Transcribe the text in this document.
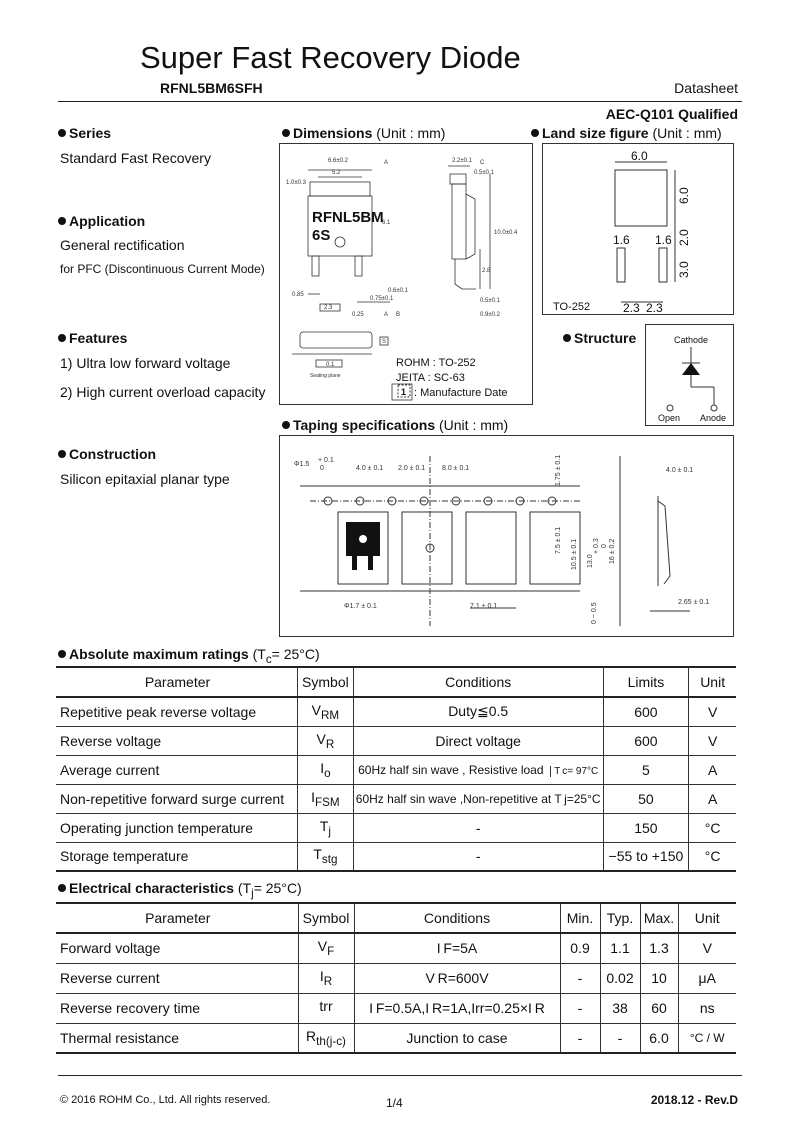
Super Fast Recovery Diode
RFNL5BM6SFH	Datasheet
AEC-Q101 Qualified
Series
Standard Fast Recovery
Application
General rectification
for PFC (Discontinuous Current Mode)
Features
1) Ultra low forward voltage
2) High current overload capacity
Construction
Silicon epitaxial planar type
Dimensions (Unit : mm)
6.6±0.2
5.2
A	2.2±0.1 C
0.5±0.1
0.85
2.3
0.75±0.1
0.6±0.1
0.5±0.1
0.9±0.2
10.0±0.4
2.8
1.0±0.3
6.1
0.25	A B
S
0.1
Seating plane
RFNL5BM
6S
1
ROHM : TO-252
JEITA : SC-63
: Manufacture Date
Land size figure (Unit : mm)
6.0
6.0
1.6 1.6 2.0
3.0
2.3 2.3
TO-252
Structure	Cathode
Open Anode
Taping specifications (Unit : mm)
Φ1.5
+ 0.1
0	4.0 ± 0.1 2.0 ± 0.1 8.0 ± 0.1	1.75 ± 0.1
7.5 ± 0.1 10.5 ± 0.1 13.0
+ 0.3 0 16 ± 0.2
4.0 ± 0.1
Φ1.7 ± 0.1	7.1 ± 0.1	0 ~ 0.5	2.65 ± 0.1
Absolute maximum ratings $(T_c= 25^\circ C)$
Parameter	Symbol	Conditions	Limits	Unit
Repetitive peak reverse voltage	$V_{RM}$	Duty≦0.5	600	V
Reverse voltage	$V_R$	Direct voltage	600	V
Average current	$I_o$	60Hz half sin wave , Resistive load T c= 97°C	5	A
Non-repetitive forward surge current	$I_{FSM}$	60Hz half sin wave ,Non-repetitive at T j=25°C	50	A
Operating junction temperature	$T_j$	-	150	°C
Storage temperature	$T_{stg}$	-	−55 to +150	°C
Electrical characteristics $(T_j= 25^\circ C)$
Parameter	Symbol	Conditions	Min.	Typ.	Max.	Unit
Forward voltage	$V_F$	I F=5A	0.9	1.1	1.3	V
Reverse current	$I_R$	V R=600V	-	0.02	10	μA
Reverse recovery time	trr	I F=0.5A,I R=1A,Irr=0.25×I R	-	38	60	ns
Thermal resistance	$R_{th(j-c)}$	Junction to case	-	-	6.0	°C / W
© 2016 ROHM Co., Ltd. All rights reserved.	1/4	2018.12 - Rev.D
